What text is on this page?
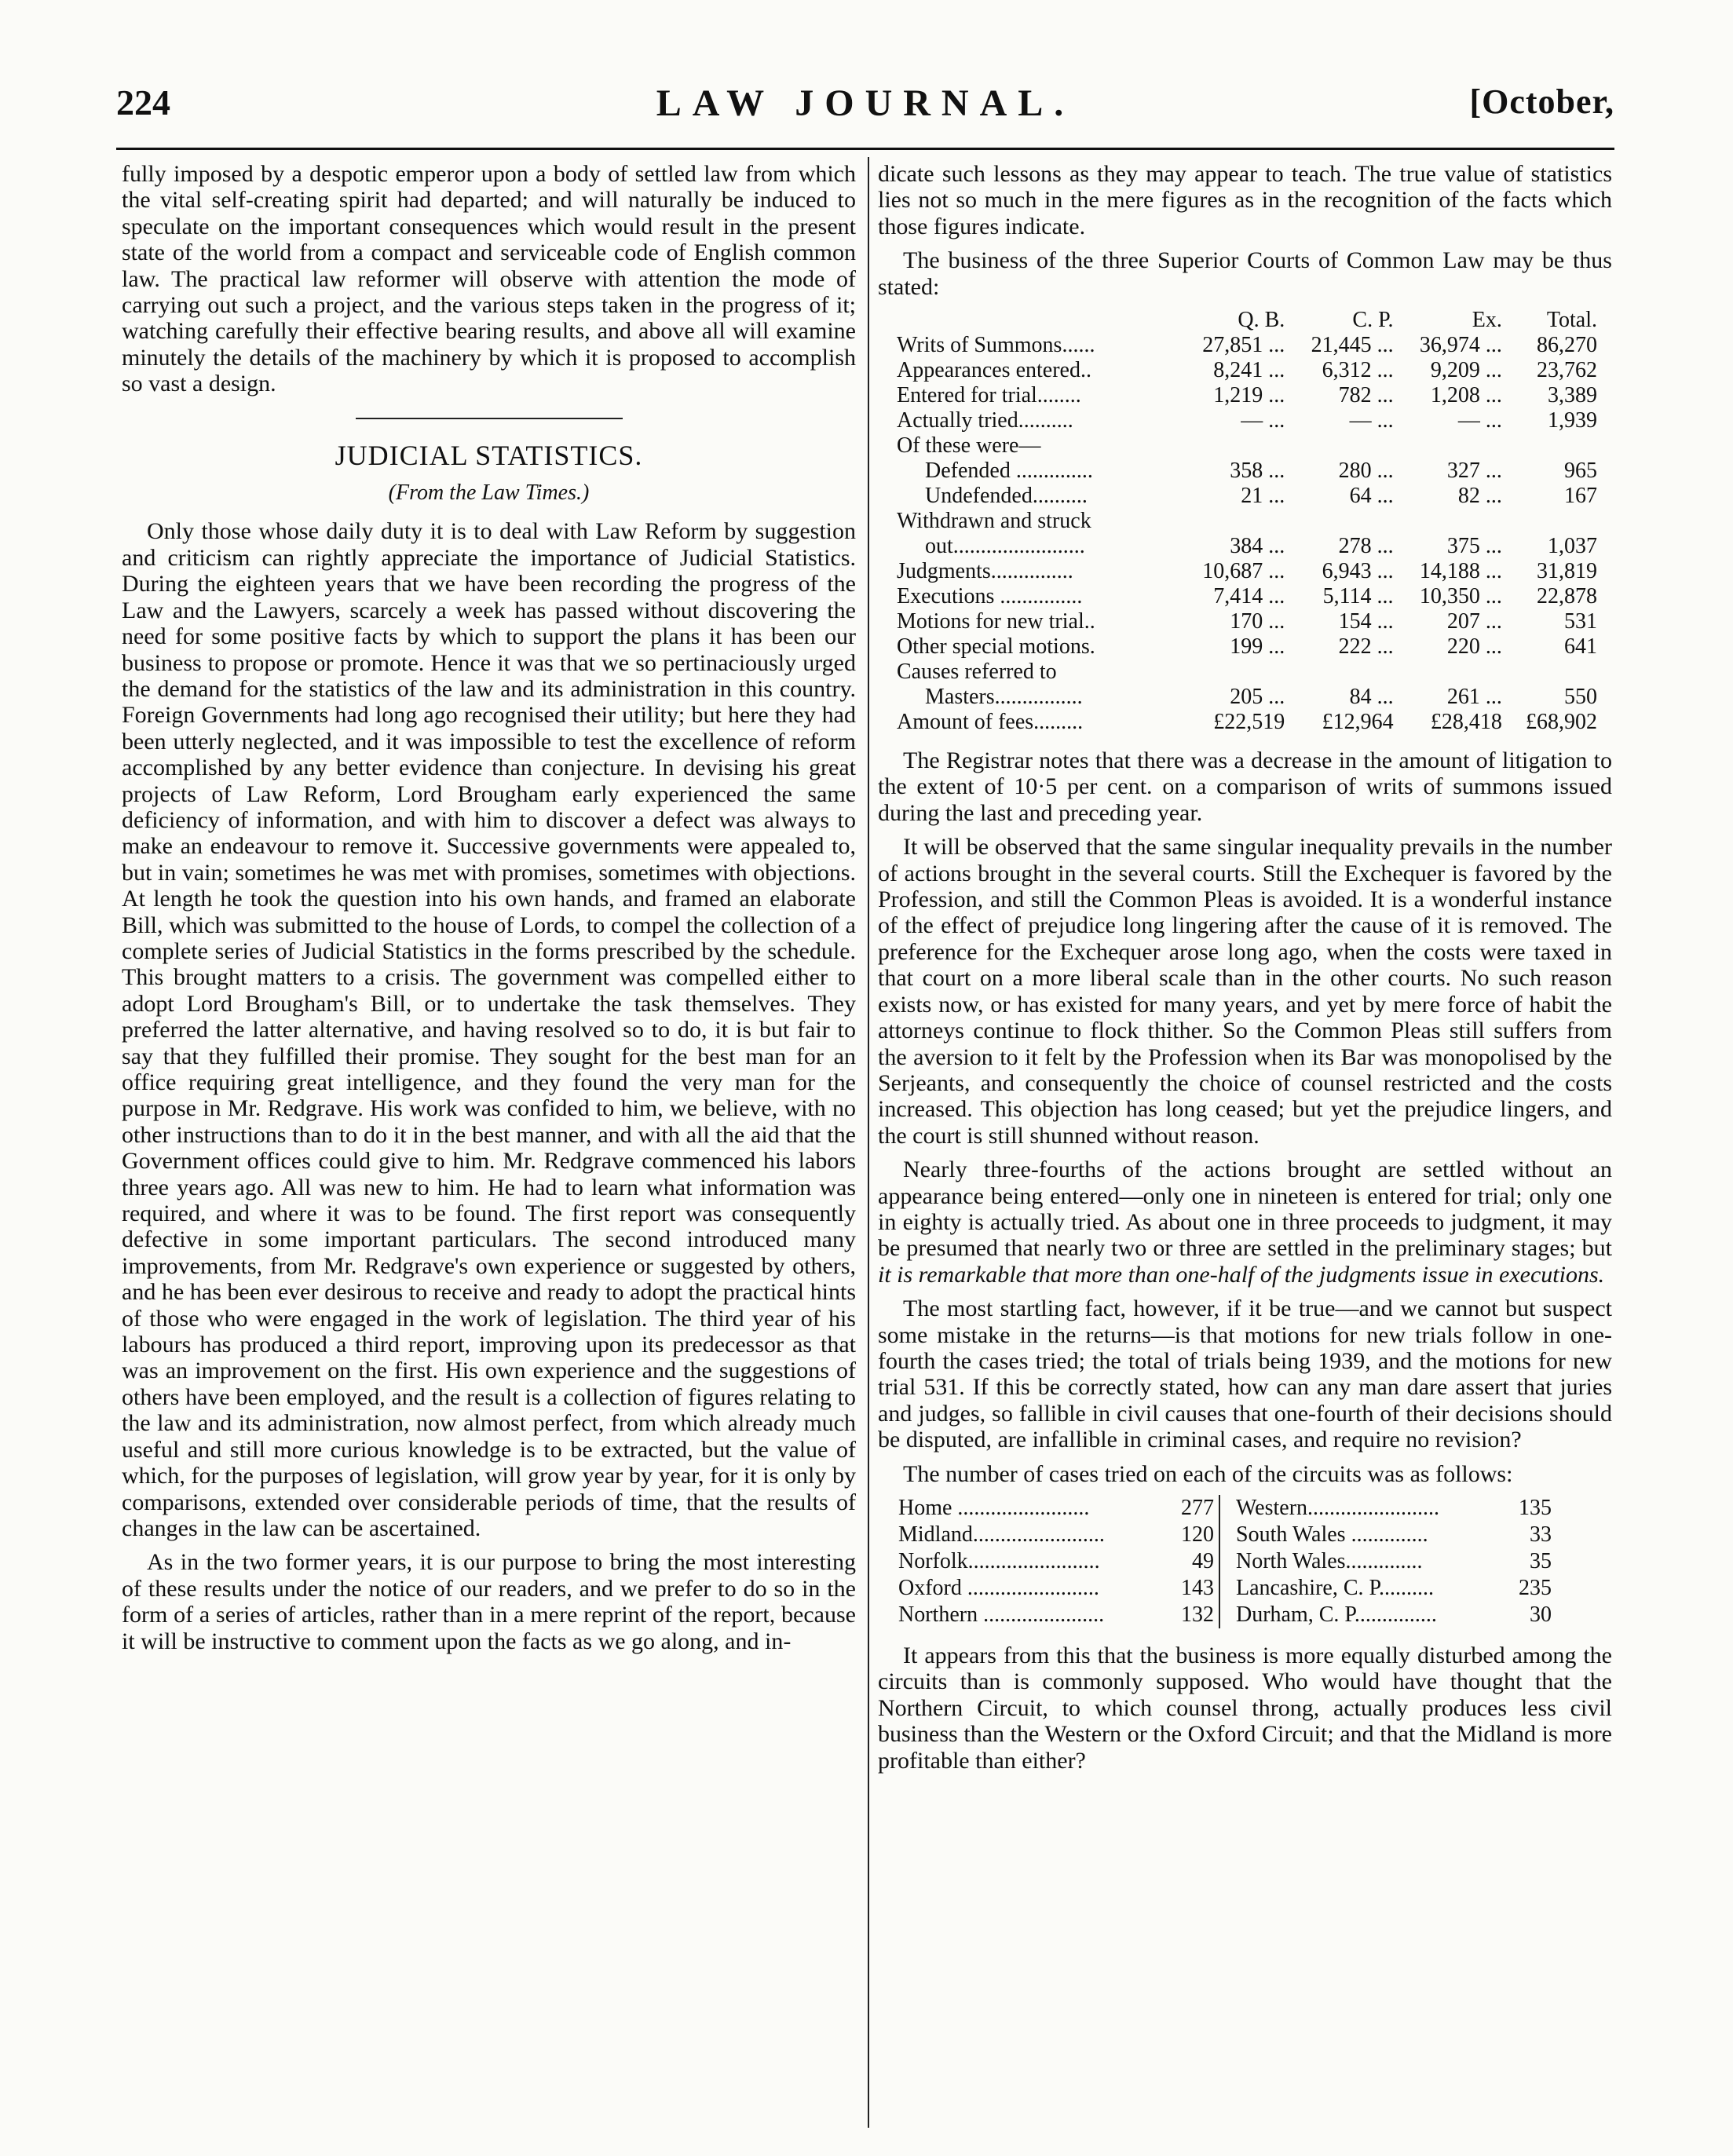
224	LAW JOURNAL.	[October,

fully imposed by a despotic emperor upon a body of settled law from which the vital self-creating spirit had departed; and will naturally be induced to speculate on the important consequences which would result in the present state of the world from a compact and serviceable code of English common law. The practical law reformer will observe with attention the mode of carrying out such a project, and the various steps taken in the progress of it; watching carefully their effective bearing results, and above all will examine minutely the details of the machinery by which it is proposed to accomplish so vast a design.

JUDICIAL STATISTICS.
(From the Law Times.)

Only those whose daily duty it is to deal with Law Reform by suggestion and criticism can rightly appreciate the importance of Judicial Statistics. During the eighteen years that we have been recording the progress of the Law and the Lawyers, scarcely a week has passed without discovering the need for some positive facts by which to support the plans it has been our business to propose or promote. Hence it was that we so pertinaciously urged the demand for the statistics of the law and its administration in this country. Foreign Governments had long ago recognised their utility; but here they had been utterly neglected, and it was impossible to test the excellence of reform accomplished by any better evidence than conjecture. In devising his great projects of Law Reform, Lord Brougham early experienced the same deficiency of information, and with him to discover a defect was always to make an endeavour to remove it. Successive governments were appealed to, but in vain; sometimes he was met with promises, sometimes with objections. At length he took the question into his own hands, and framed an elaborate Bill, which was submitted to the house of Lords, to compel the collection of a complete series of Judicial Statistics in the forms prescribed by the schedule. This brought matters to a crisis. The government was compelled either to adopt Lord Brougham's Bill, or to undertake the task themselves. They preferred the latter alternative, and having resolved so to do, it is but fair to say that they fulfilled their promise. They sought for the best man for an office requiring great intelligence, and they found the very man for the purpose in Mr. Redgrave. His work was confided to him, we believe, with no other instructions than to do it in the best manner, and with all the aid that the Government offices could give to him. Mr. Redgrave commenced his labors three years ago. All was new to him. He had to learn what information was required, and where it was to be found. The first report was consequently defective in some important particulars. The second introduced many improvements, from Mr. Redgrave's own experience or suggested by others, and he has been ever desirous to receive and ready to adopt the practical hints of those who were engaged in the work of legislation. The third year of his labours has produced a third report, improving upon its predecessor as that was an improvement on the first. His own experience and the suggestions of others have been employed, and the result is a collection of figures relating to the law and its administration, now almost perfect, from which already much useful and still more curious knowledge is to be extracted, but the value of which, for the purposes of legislation, will grow year by year, for it is only by comparisons, extended over considerable periods of time, that the results of changes in the law can be ascertained.

As in the two former years, it is our purpose to bring the most interesting of these results under the notice of our readers, and we prefer to do so in the form of a series of articles, rather than in a mere reprint of the report, because it will be instructive to comment upon the facts as we go along, and in-

dicate such lessons as they may appear to teach. The true value of statistics lies not so much in the mere figures as in the recognition of the facts which those figures indicate.

The business of the three Superior Courts of Common Law may be thus stated:

	Q. B.	C. P.	Ex.	Total.
Writs of Summons......	27,851 ...	21,445 ...	36,974 ...	86,270
Appearances entered..	8,241 ...	6,312 ...	9,209 ...	23,762
Entered for trial........	1,219 ...	782 ...	1,208 ...	3,389
Actually tried..........	— ...	— ...	— ...	1,939
Of these were—				
Defended ..............	358 ...	280 ...	327 ...	965
Undefended..........	21 ...	64 ...	82 ...	167
Withdrawn and struck				
out........................	384 ...	278 ...	375 ...	1,037
Judgments...............	10,687 ...	6,943 ...	14,188 ...	31,819
Executions ...............	7,414 ...	5,114 ...	10,350 ...	22,878
Motions for new trial..	170 ...	154 ...	207 ...	531
Other special motions.	199 ...	222 ...	220 ...	641
Causes referred to				
Masters................	205 ...	84 ...	261 ...	550
Amount of fees.........	£22,519	£12,964	£28,418	£68,902

The Registrar notes that there was a decrease in the amount of litigation to the extent of 10·5 per cent. on a comparison of writs of summons issued during the last and preceding year.

It will be observed that the same singular inequality prevails in the number of actions brought in the several courts. Still the Exchequer is favored by the Profession, and still the Common Pleas is avoided. It is a wonderful instance of the effect of prejudice long lingering after the cause of it is removed. The preference for the Exchequer arose long ago, when the costs were taxed in that court on a more liberal scale than in the other courts. No such reason exists now, or has existed for many years, and yet by mere force of habit the attorneys continue to flock thither. So the Common Pleas still suffers from the aversion to it felt by the Profession when its Bar was monopolised by the Serjeants, and consequently the choice of counsel restricted and the costs increased. This objection has long ceased; but yet the prejudice lingers, and the court is still shunned without reason.

Nearly three-fourths of the actions brought are settled without an appearance being entered—only one in nineteen is entered for trial; only one in eighty is actually tried. As about one in three proceeds to judgment, it may be presumed that nearly two or three are settled in the preliminary stages; but it is remarkable that more than one-half of the judgments issue in executions.

The most startling fact, however, if it be true—and we cannot but suspect some mistake in the returns—is that motions for new trials follow in one-fourth the cases tried; the total of trials being 1939, and the motions for new trial 531. If this be correctly stated, how can any man dare assert that juries and judges, so fallible in civil causes that one-fourth of their decisions should be disputed, are infallible in criminal cases, and require no revision?

The number of cases tried on each of the circuits was as follows:

Home ........................	277		Western........................	135
Midland........................	120		South Wales ..............	33
Norfolk........................	49		North Wales..............	35
Oxford ........................	143		Lancashire, C. P..........	235
Northern ......................	132		Durham, C. P...............	30

It appears from this that the business is more equally disturbed among the circuits than is commonly supposed. Who would have thought that the Northern Circuit, to which counsel throng, actually produces less civil business than the Western or the Oxford Circuit; and that the Midland is more profitable than either?
